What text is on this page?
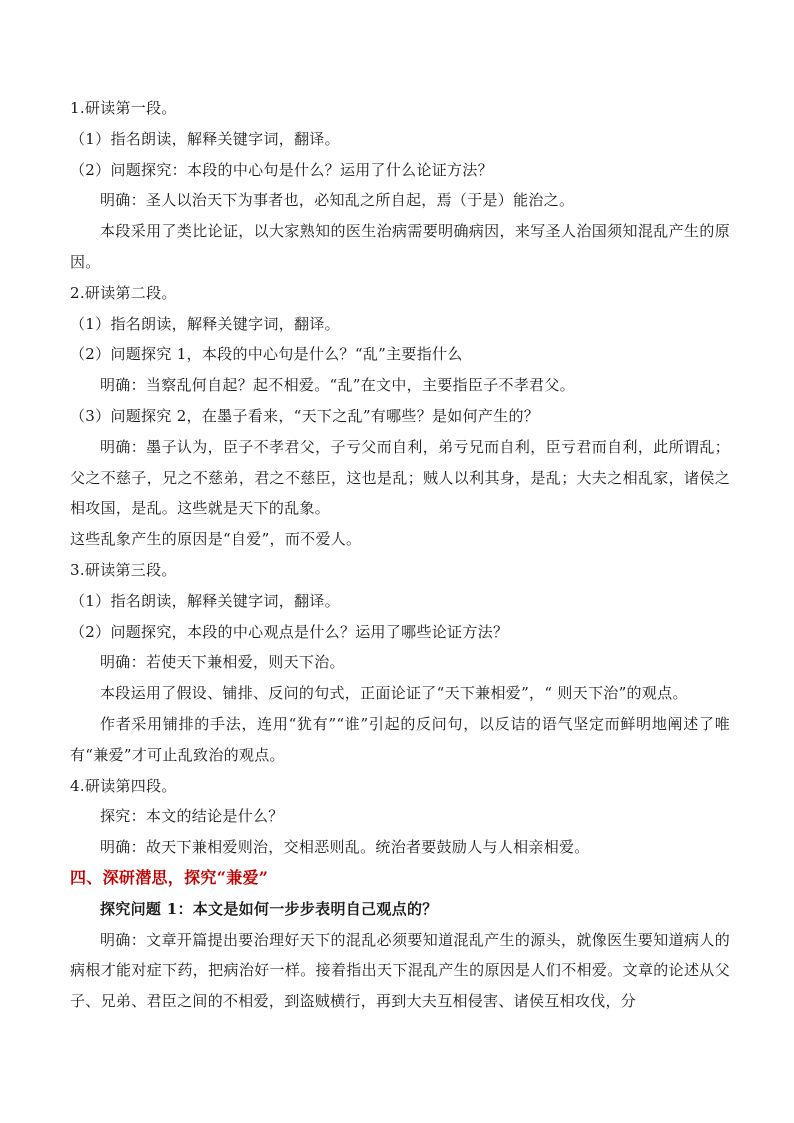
1.研读第一段。
（1）指名朗读，解释关键字词，翻译。
（2）问题探究：本段的中心句是什么？运用了什么论证方法？
明确：圣人以治天下为事者也，必知乱之所自起，焉（于是）能治之。
本段采用了类比论证，以大家熟知的医生治病需要明确病因，来写圣人治国须知混乱产生的原因。
2.研读第二段。
（1）指名朗读，解释关键字词，翻译。
（2）问题探究 1，本段的中心句是什么？“乱”主要指什么
明确：当察乱何自起？起不相爱。“乱”在文中，主要指臣子不孝君父。
（3）问题探究 2，在墨子看来，“天下之乱”有哪些？是如何产生的？
明确：墨子认为，臣子不孝君父，子亏父而自利，弟亏兄而自利，臣亏君而自利，此所谓乱；父之不慈子，兄之不慈弟，君之不慈臣，这也是乱；贼人以利其身，是乱；大夫之相乱家，诸侯之相攻国，是乱。这些就是天下的乱象。
这些乱象产生的原因是“自爱”，而不爱人。
3.研读第三段。
（1）指名朗读，解释关键字词，翻译。
（2）问题探究，本段的中心观点是什么？运用了哪些论证方法？
明确：若使天下兼相爱，则天下治。
本段运用了假设、铺排、反问的句式，正面论证了“天下兼相爱”，“ 则天下治”的观点。
作者采用铺排的手法，连用“犹有”“谁”引起的反问句，以反诘的语气坚定而鲜明地阐述了唯有“兼爱”才可止乱致治的观点。
4.研读第四段。
探究：本文的结论是什么？
明确：故天下兼相爱则治，交相恶则乱。统治者要鼓励人与人相亲相爱。
四、深研潜思，探究“兼爱”
探究问题 1：本文是如何一步步表明自己观点的？
明确：文章开篇提出要治理好天下的混乱必须要知道混乱产生的源头，就像医生要知道病人的病根才能对症下药，把病治好一样。接着指出天下混乱产生的原因是人们不相爱。文章的论述从父子、兄弟、君臣之间的不相爱，到盗贼横行，再到大夫互相侵害、诸侯互相攻伐，分
